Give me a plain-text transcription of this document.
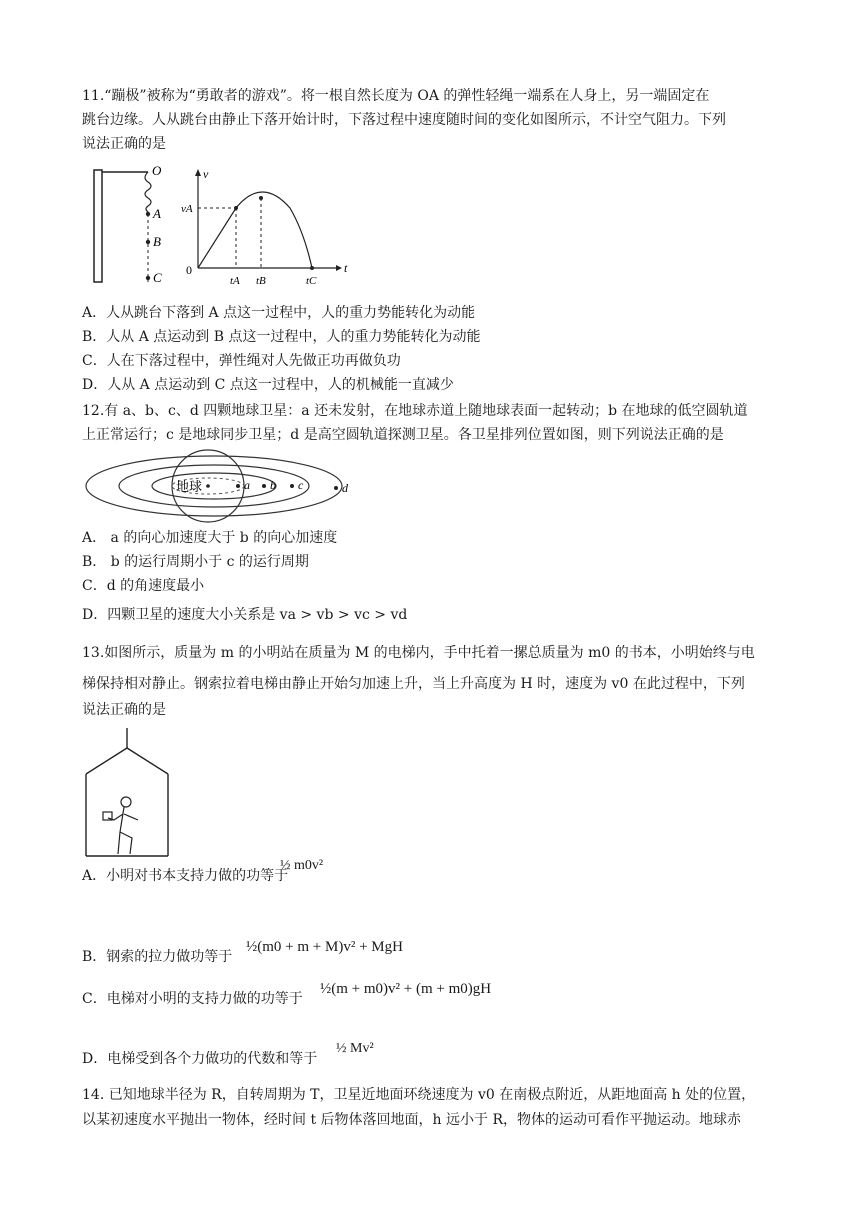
11.“蹦极”被称为“勇敢者的游戏”。将一根自然长度为 OA 的弹性轻绳一端系在人身上，另一端固定在
跳台边缘。人从跳台由静止下落开始计时，下落过程中速度随时间的变化如图所示，不计空气阻力。下列
说法正确的是
O
A
B
C
v
t
0
vA
tA tB	tC
A．人从跳台下落到 A 点这一过程中，人的重力势能转化为动能
B．人从 A 点运动到 B 点这一过程中，人的重力势能转化为动能
C．人在下落过程中，弹性绳对人先做正功再做负功
D．人从 A 点运动到 C 点这一过程中，人的机械能一直减少
12.有 a、b、c、d 四颗地球卫星：a 还未发射，在地球赤道上随地球表面一起转动；b 在地球的低空圆轨道
上正常运行；c 是地球同步卫星；d 是高空圆轨道探测卫星。各卫星排列位置如图，则下列说法正确的是
地球	a b c	d
A． a 的向心加速度大于 b 的向心加速度
B． b 的运行周期小于 c 的运行周期
C．d 的角速度最小
D．四颗卫星的速度大小关系是 va > vb > vc > vd
13.如图所示，质量为 m 的小明站在质量为 M 的电梯内，手中托着一摞总质量为 m0 的书本，小明始终与电
梯保持相对静止。钢索拉着电梯由静止开始匀加速上升，当上升高度为 H 时，速度为 v0 在此过程中，下列
说法正确的是
A．小明对书本支持力做的功等于
½ m0v²
B．钢索的拉力做功等于
½(m0 + m + M)v² + MgH
C．电梯对小明的支持力做的功等于
½(m + m0)v² + (m + m0)gH
D．电梯受到各个力做功的代数和等于
½ Mv²
14. 已知地球半径为 R，自转周期为 T，卫星近地面环绕速度为 v0 在南极点附近，从距地面高 h 处的位置，
以某初速度水平抛出一物体，经时间 t 后物体落回地面，h 远小于 R，物体的运动可看作平抛运动。地球赤
